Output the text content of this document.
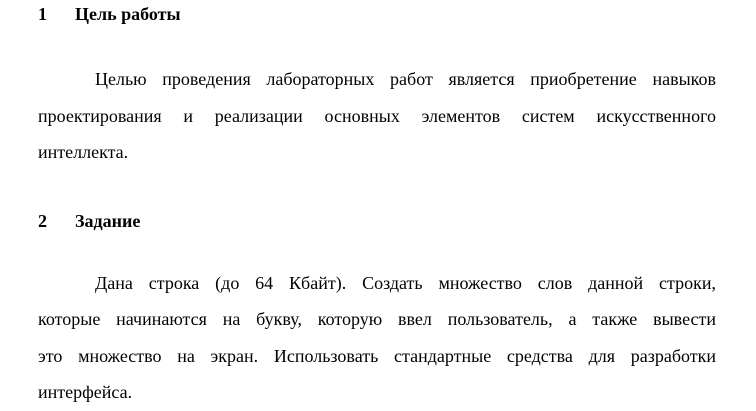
1	Цель работы
Целью проведения лабораторных работ является приобретение навыков
проектирования и реализации основных элементов систем искусственного
интеллекта.
2	Задание
Дана строка (до 64 Кбайт). Создать множество слов данной строки,
которые начинаются на букву, которую ввел пользователь, а также вывести
это множество на экран. Использовать стандартные средства для разработки
интерфейса.
